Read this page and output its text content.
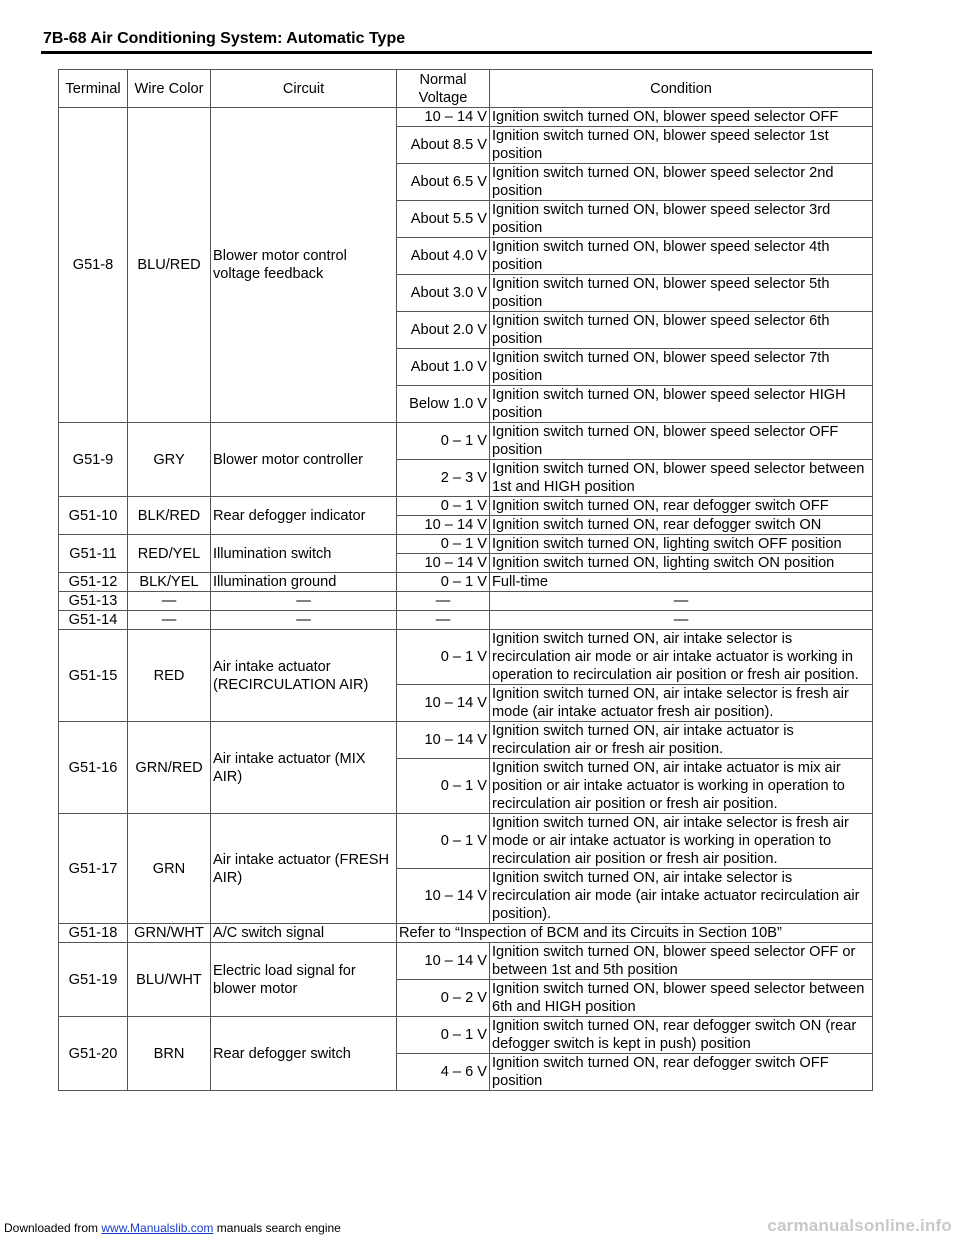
7B-68 Air Conditioning System: Automatic Type
Terminal	Wire Color	Circuit	Normal
Voltage	Condition
G51-8	BLU/RED	Blower motor control voltage feedback	10 – 14 V	Ignition switch turned ON, blower speed selector OFF
			About 8.5 V	Ignition switch turned ON, blower speed selector 1st position
			About 6.5 V	Ignition switch turned ON, blower speed selector 2nd position
			About 5.5 V	Ignition switch turned ON, blower speed selector 3rd position
			About 4.0 V	Ignition switch turned ON, blower speed selector 4th position
			About 3.0 V	Ignition switch turned ON, blower speed selector 5th position
			About 2.0 V	Ignition switch turned ON, blower speed selector 6th position
			About 1.0 V	Ignition switch turned ON, blower speed selector 7th position
			Below 1.0 V	Ignition switch turned ON, blower speed selector HIGH position
G51-9	GRY	Blower motor controller	0 – 1 V	Ignition switch turned ON, blower speed selector OFF position
			2 – 3 V	Ignition switch turned ON, blower speed selector between 1st and HIGH position
G51-10	BLK/RED	Rear defogger indicator	0 – 1 V	Ignition switch turned ON, rear defogger switch OFF
			10 – 14 V	Ignition switch turned ON, rear defogger switch ON
G51-11	RED/YEL	Illumination switch	0 – 1 V	Ignition switch turned ON, lighting switch OFF position
			10 – 14 V	Ignition switch turned ON, lighting switch ON position
G51-12	BLK/YEL	Illumination ground	0 – 1 V	Full-time
G51-13	—	—	—	—
G51-14	—	—	—	—
G51-15	RED	Air intake actuator (RECIRCULATION AIR)	0 – 1 V	Ignition switch turned ON, air intake selector is recirculation air mode or air intake actuator is working in operation to recirculation air position or fresh air position.
			10 – 14 V	Ignition switch turned ON, air intake selector is fresh air mode (air intake actuator fresh air position).
G51-16	GRN/RED	Air intake actuator (MIX AIR)	10 – 14 V	Ignition switch turned ON, air intake actuator is recirculation air or fresh air position.
			0 – 1 V	Ignition switch turned ON, air intake actuator is mix air position or air intake actuator is working in operation to recirculation air position or fresh air position.
G51-17	GRN	Air intake actuator (FRESH AIR)	0 – 1 V	Ignition switch turned ON, air intake selector is fresh air mode or air intake actuator is working in operation to recirculation air position or fresh air position.
			10 – 14 V	Ignition switch turned ON, air intake selector is recirculation air mode (air intake actuator recirculation air position).
G51-18	GRN/WHT	A/C switch signal	Refer to “Inspection of BCM and its Circuits in Section 10B”	
G51-19	BLU/WHT	Electric load signal for blower motor	10 – 14 V	Ignition switch turned ON, blower speed selector OFF or between 1st and 5th position
			0 – 2 V	Ignition switch turned ON, blower speed selector between 6th and HIGH position
G51-20	BRN	Rear defogger switch	0 – 1 V	Ignition switch turned ON, rear defogger switch ON (rear defogger switch is kept in push) position
			4 – 6 V	Ignition switch turned ON, rear defogger switch OFF position
Downloaded from www.Manualslib.com manuals search engine	carmanualsonline.info
